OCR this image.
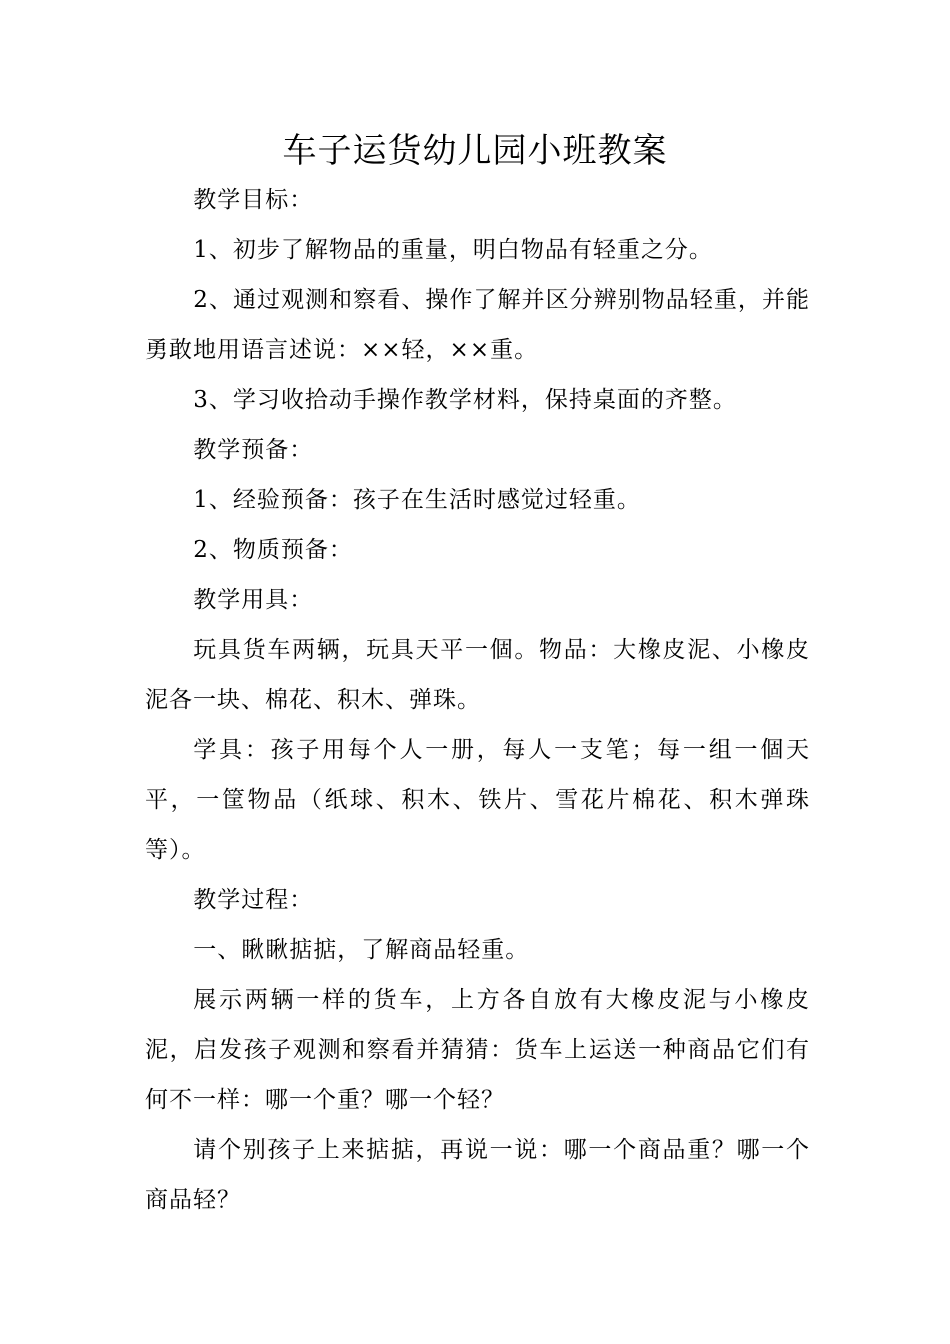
车子运货幼儿园小班教案

教学目标：

1、初步了解物品的重量，明白物品有轻重之分。

2、通过观测和察看、操作了解并区分辨别物品轻重，并能勇敢地用语言述说：××轻，××重。

3、学习收拾动手操作教学材料，保持桌面的齐整。

教学预备：

1、经验预备：孩子在生活时感觉过轻重。

2、物质预备：

教学用具：

玩具货车两辆，玩具天平一個。物品：大橡皮泥、小橡皮泥各一块、棉花、积木、弹珠。

学具：孩子用每个人一册，每人一支笔；每一组一個天平，一筐物品（纸球、积木、铁片、雪花片棉花、积木弹珠等）。

教学过程：

一、瞅瞅掂掂，了解商品轻重。

展示两辆一样的货车，上方各自放有大橡皮泥与小橡皮泥，启发孩子观测和察看并猜猜：货车上运送一种商品它们有何不一样：哪一个重？哪一个轻？

请个别孩子上来掂掂，再说一说：哪一个商品重？哪一个商品轻？
